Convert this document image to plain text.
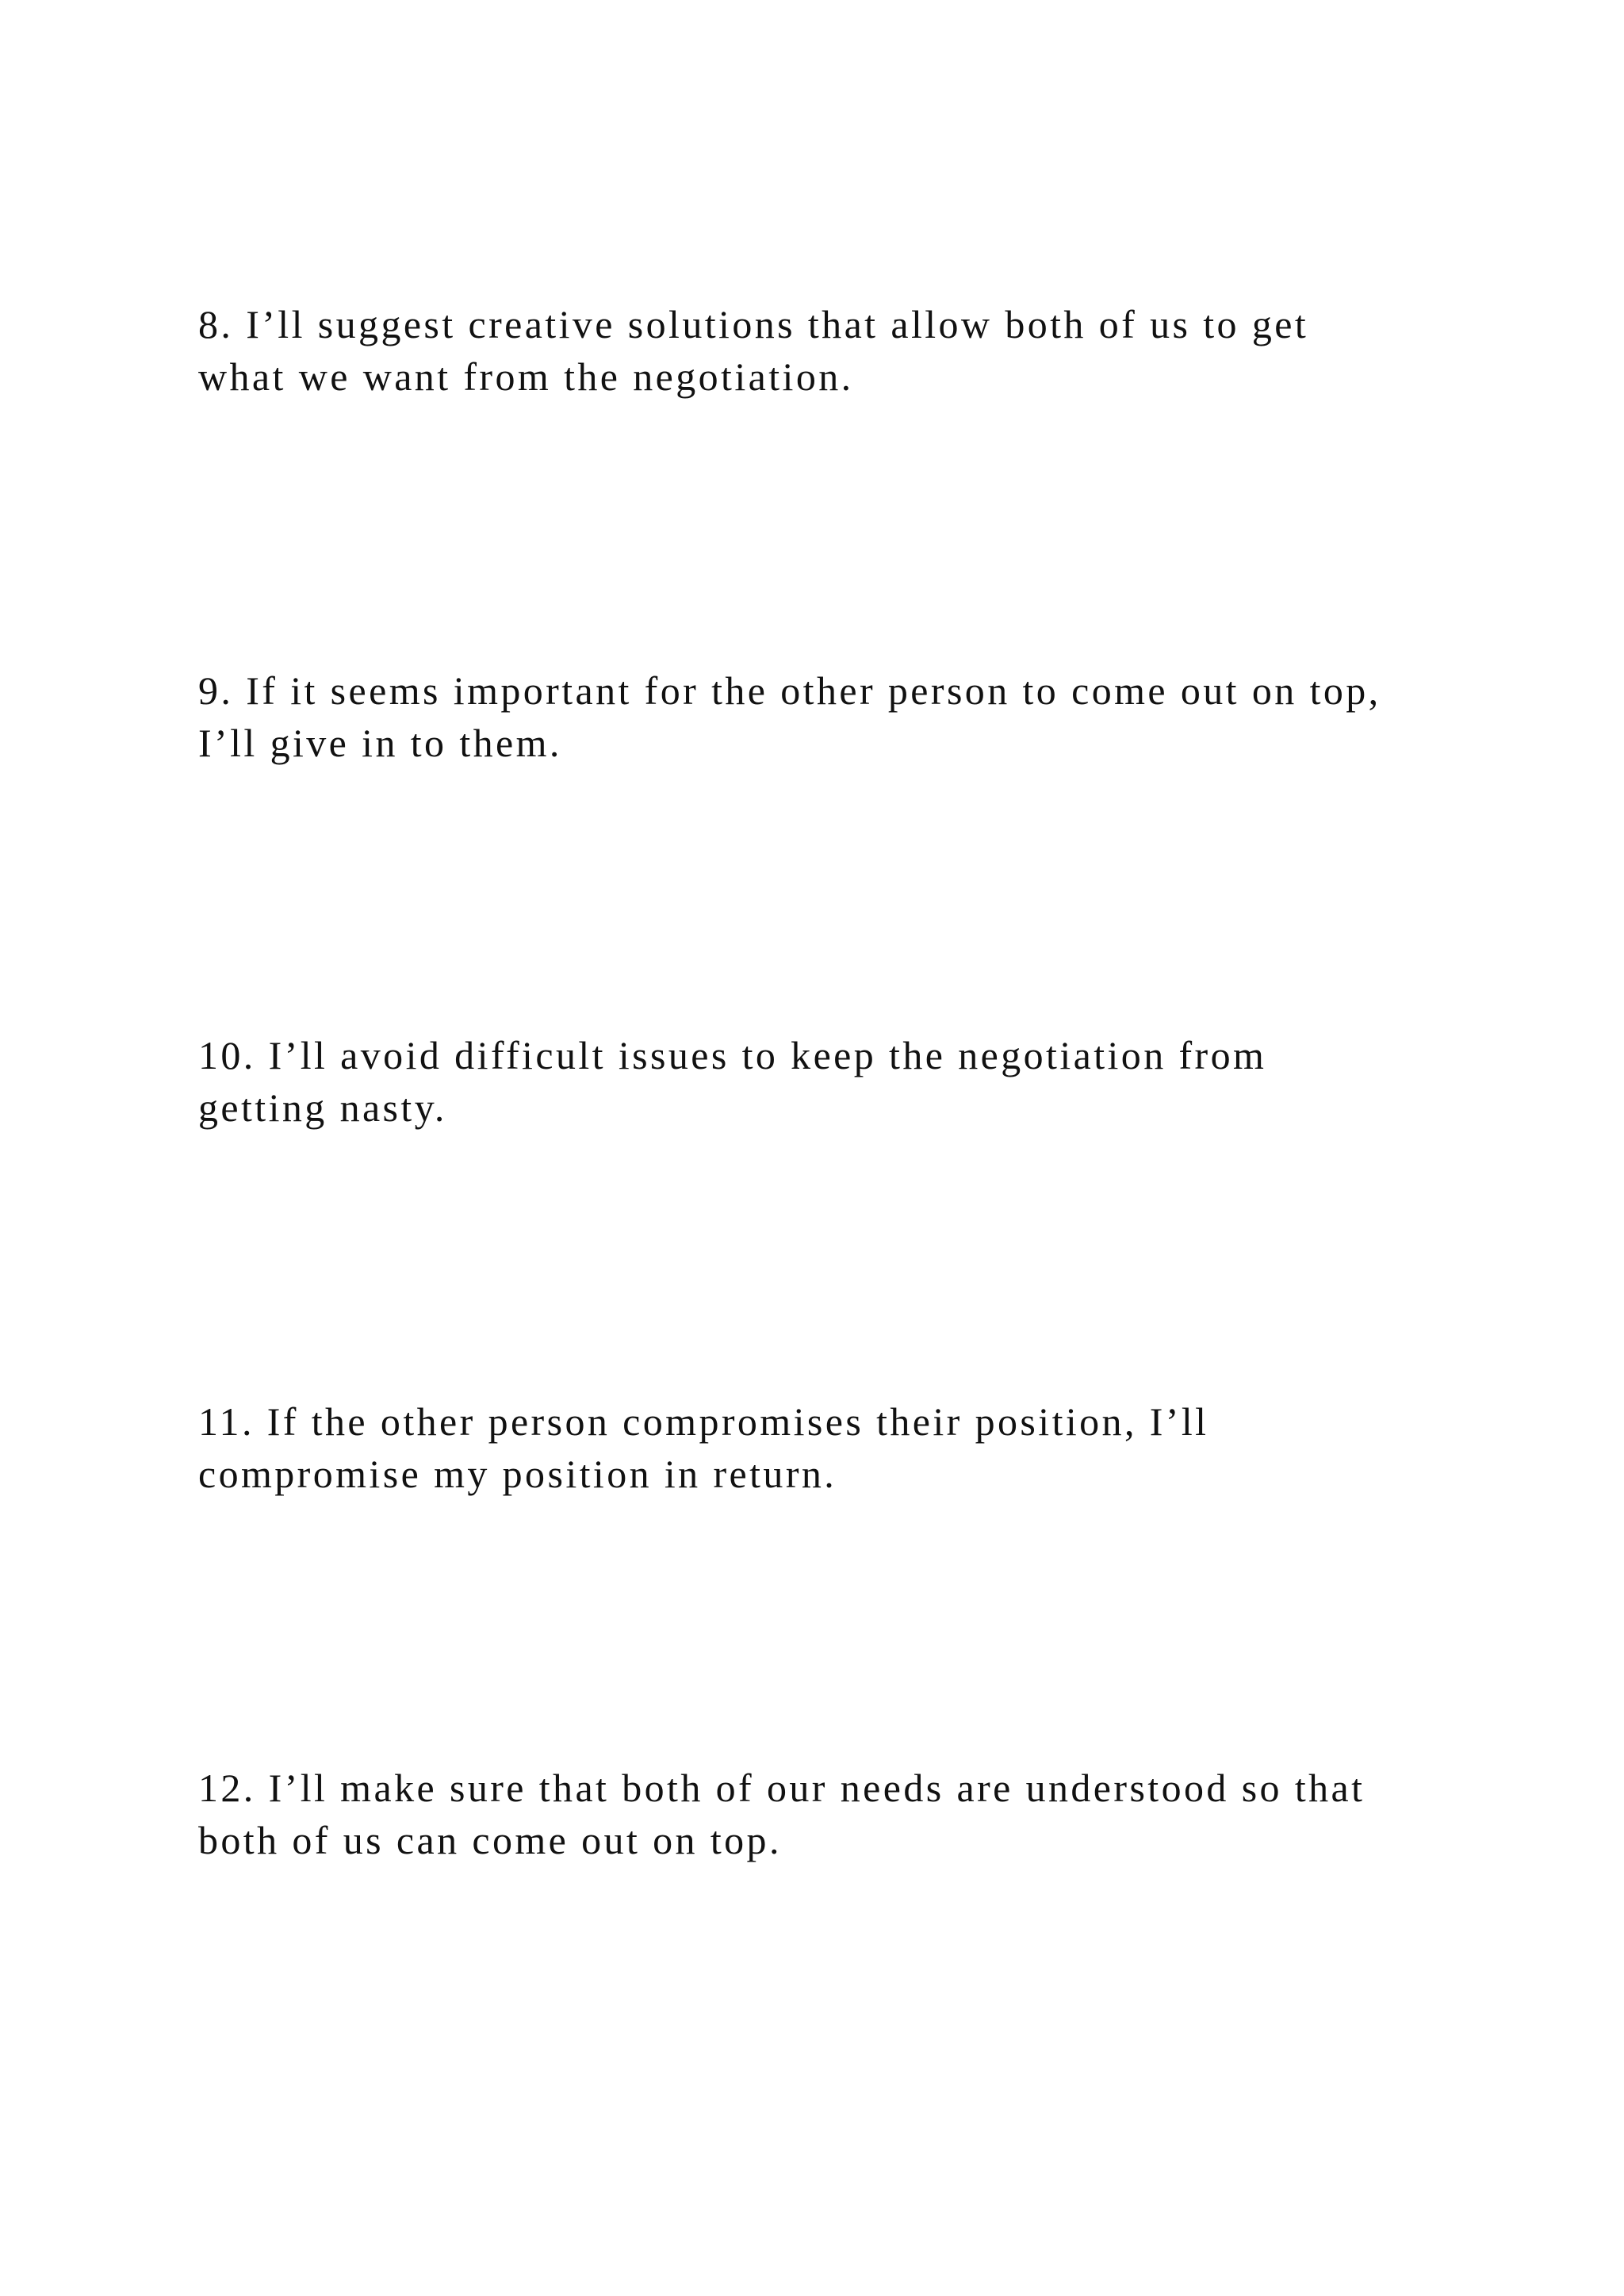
8. I’ll suggest creative solutions that allow both of us to get
what we want from the negotiation.

9. If it seems important for the other person to come out on top,
I’ll give in to them.

10. I’ll avoid difficult issues to keep the negotiation from
getting nasty.

11. If the other person compromises their position, I’ll
compromise my position in return.

12. I’ll make sure that both of our needs are understood so that
both of us can come out on top.
